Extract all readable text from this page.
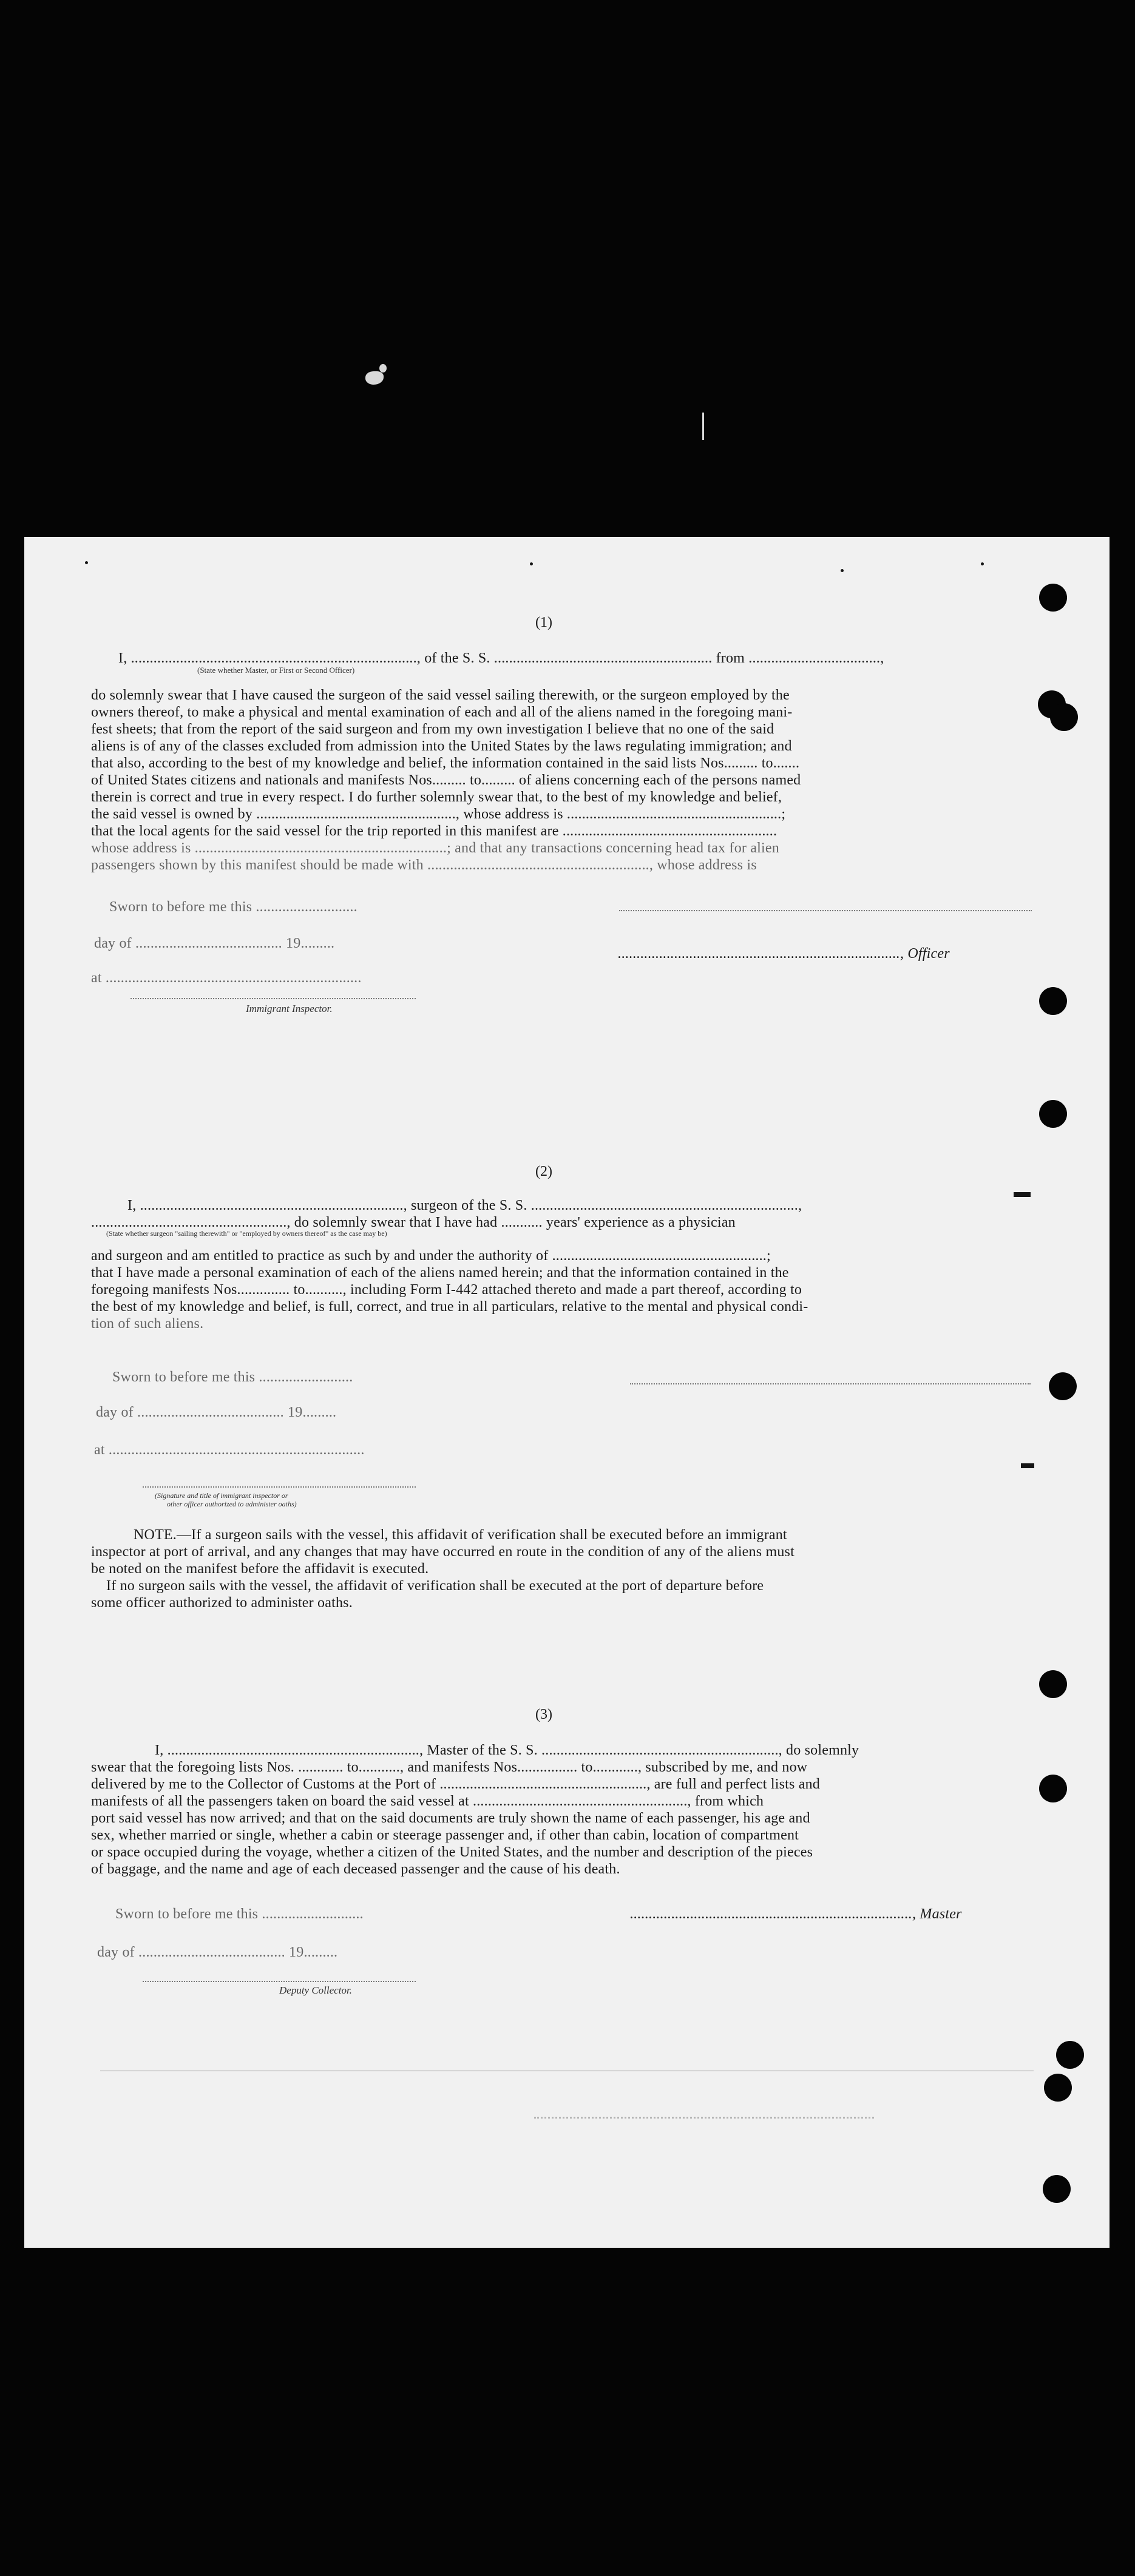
(1)
I, ............................................................................, of the S. S. .......................................................... from ...................................,
(State whether Master, or First or Second Officer)
do solemnly swear that I have caused the surgeon of the said vessel sailing therewith, or the surgeon employed by the
owners thereof, to make a physical and mental examination of each and all of the aliens named in the foregoing mani-
fest sheets; that from the report of the said surgeon and from my own investigation I believe that no one of the said
aliens is of any of the classes excluded from admission into the United States by the laws regulating immigration; and
that also, according to the best of my knowledge and belief, the information contained in the said lists Nos......... to.......
of United States citizens and nationals and manifests Nos......... to......... of aliens concerning each of the persons named
therein is correct and true in every respect. I do further solemnly swear that, to the best of my knowledge and belief,
the said vessel is owned by ....................................................., whose address is .........................................................;
that the local agents for the said vessel for the trip reported in this manifest are .........................................................
whose address is ...................................................................; and that any transactions concerning head tax for alien
passengers shown by this manifest should be made with ..........................................................., whose address is
Sworn to before me this ...........................
day of ....................................... 19.........
..........................................................................., Officer
at ....................................................................
Immigrant Inspector.
(2)
I, ......................................................................, surgeon of the S. S. .......................................................................,
...................................................., do solemnly swear that I have had ........... years' experience as a physician
(State whether surgeon "sailing therewith" or "employed by owners thereof" as the case may be)
and surgeon and am entitled to practice as such by and under the authority of .........................................................;
that I have made a personal examination of each of the aliens named herein; and that the information contained in the
foregoing manifests Nos.............. to.........., including Form I-442 attached thereto and made a part thereof, according to
the best of my knowledge and belief, is full, correct, and true in all particulars, relative to the mental and physical condi-
tion of such aliens.
Sworn to before me this .........................
day of ....................................... 19.........
at ....................................................................
(Signature and title of immigrant inspector or
other officer authorized to administer oaths)
NOTE.—If a surgeon sails with the vessel, this affidavit of verification shall be executed before an immigrant
inspector at port of arrival, and any changes that may have occurred en route in the condition of any of the aliens must
be noted on the manifest before the affidavit is executed.
If no surgeon sails with the vessel, the affidavit of verification shall be executed at the port of departure before
some officer authorized to administer oaths.
(3)
I, ..................................................................., Master of the S. S. ..............................................................., do solemnly
swear that the foregoing lists Nos. ............ to..........., and manifests Nos................ to............, subscribed by me, and now
delivered by me to the Collector of Customs at the Port of ......................................................., are full and perfect lists and
manifests of all the passengers taken on board the said vessel at ........................................................., from which
port said vessel has now arrived; and that on the said documents are truly shown the name of each passenger, his age and
sex, whether married or single, whether a cabin or steerage passenger and, if other than cabin, location of compartment
or space occupied during the voyage, whether a citizen of the United States, and the number and description of the pieces
of baggage, and the name and age of each deceased passenger and the cause of his death.
Sworn to before me this ...........................	..........................................................................., Master
day of ....................................... 19.........
Deputy Collector.
